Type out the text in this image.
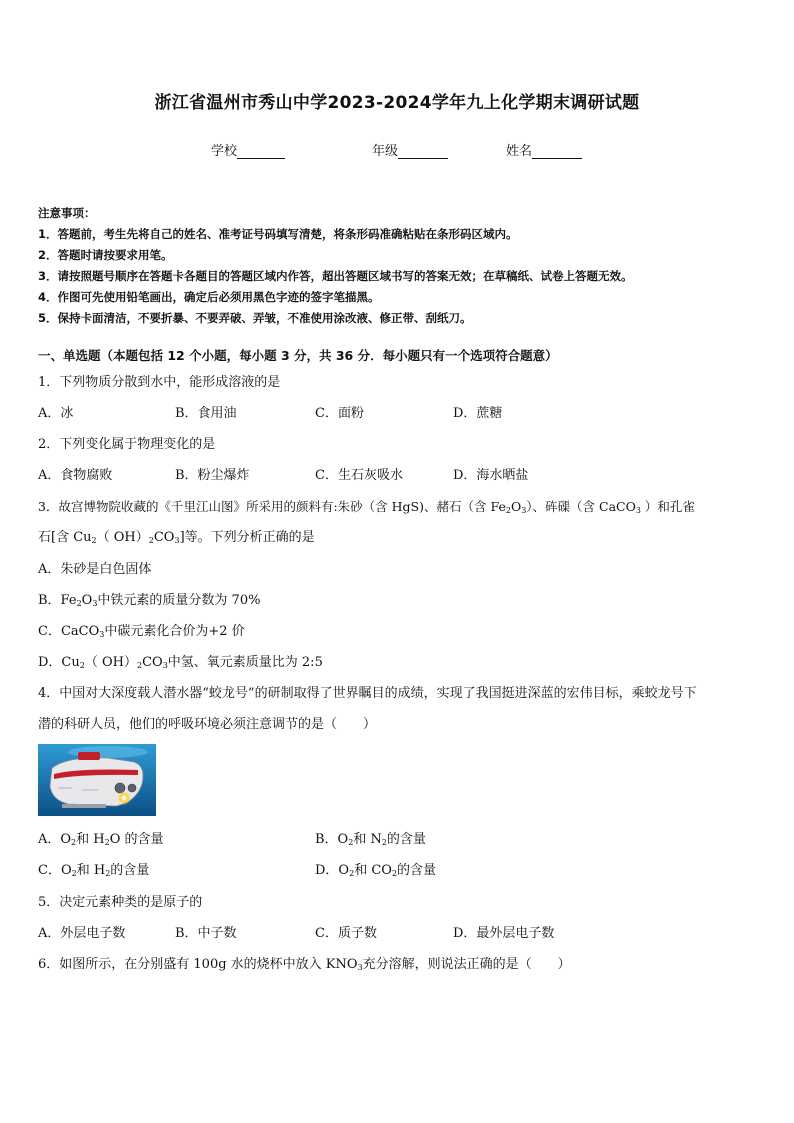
浙江省温州市秀山中学2023-2024学年九上化学期末调研试题
学校	年级	姓名
注意事项：
1．答题前，考生先将自己的姓名、准考证号码填写清楚，将条形码准确粘贴在条形码区域内。
2．答题时请按要求用笔。
3．请按照题号顺序在答题卡各题目的答题区域内作答，超出答题区域书写的答案无效；在草稿纸、试卷上答题无效。
4．作图可先使用铅笔画出，确定后必须用黑色字迹的签字笔描黑。
5．保持卡面清洁，不要折暴、不要弄破、弄皱，不准使用涂改液、修正带、刮纸刀。
一、单选题（本题包括 12 个小题，每小题 3 分，共 36 分．每小题只有一个选项符合题意）
1．下列物质分散到水中，能形成溶液的是
A．冰	B．食用油	C．面粉	D．蔗糖
2．下列变化属于物理变化的是
A．食物腐败	B．粉尘爆炸	C．生石灰吸水	D．海水晒盐
3．故宫博物院收藏的《千里江山图》所采用的颜料有:朱砂（含 HgS)、赭石（含 $Fe_2O_3$）、砗磲（含 CaCO$_3$ ）和孔雀
石[含 $Cu_2$（ $OH)_2CO_3$]等。下列分析正确的是
A．朱砂是白色固体
B．$Fe_2O_3$中铁元素的质量分数为 70%
C．CaCO$_3$中碳元素化合价为+2 价
D．$Cu_2$（ $OH)_2CO_3$中氢、氧元素质量比为 2:5
4．中国对大深度载人潜水器“蛟龙号”的研制取得了世界瞩目的成绩，实现了我国挺进深蓝的宏伟目标，乘蛟龙号下
潜的科研人员，他们的呼吸环境必须注意调节的是（　　）
A．$O_2$和 $H_2O$ 的含量	B．$O_2$和 $N_2$的含量
C．$O_2$和 $H_2$的含量	D．$O_2$和 $CO_2$的含量
5．决定元素种类的是原子的
A．外层电子数	B．中子数	C．质子数	D．最外层电子数
6．如图所示，在分别盛有 100g 水的烧杯中放入 $KNO_3$充分溶解，则说法正确的是（　　）
